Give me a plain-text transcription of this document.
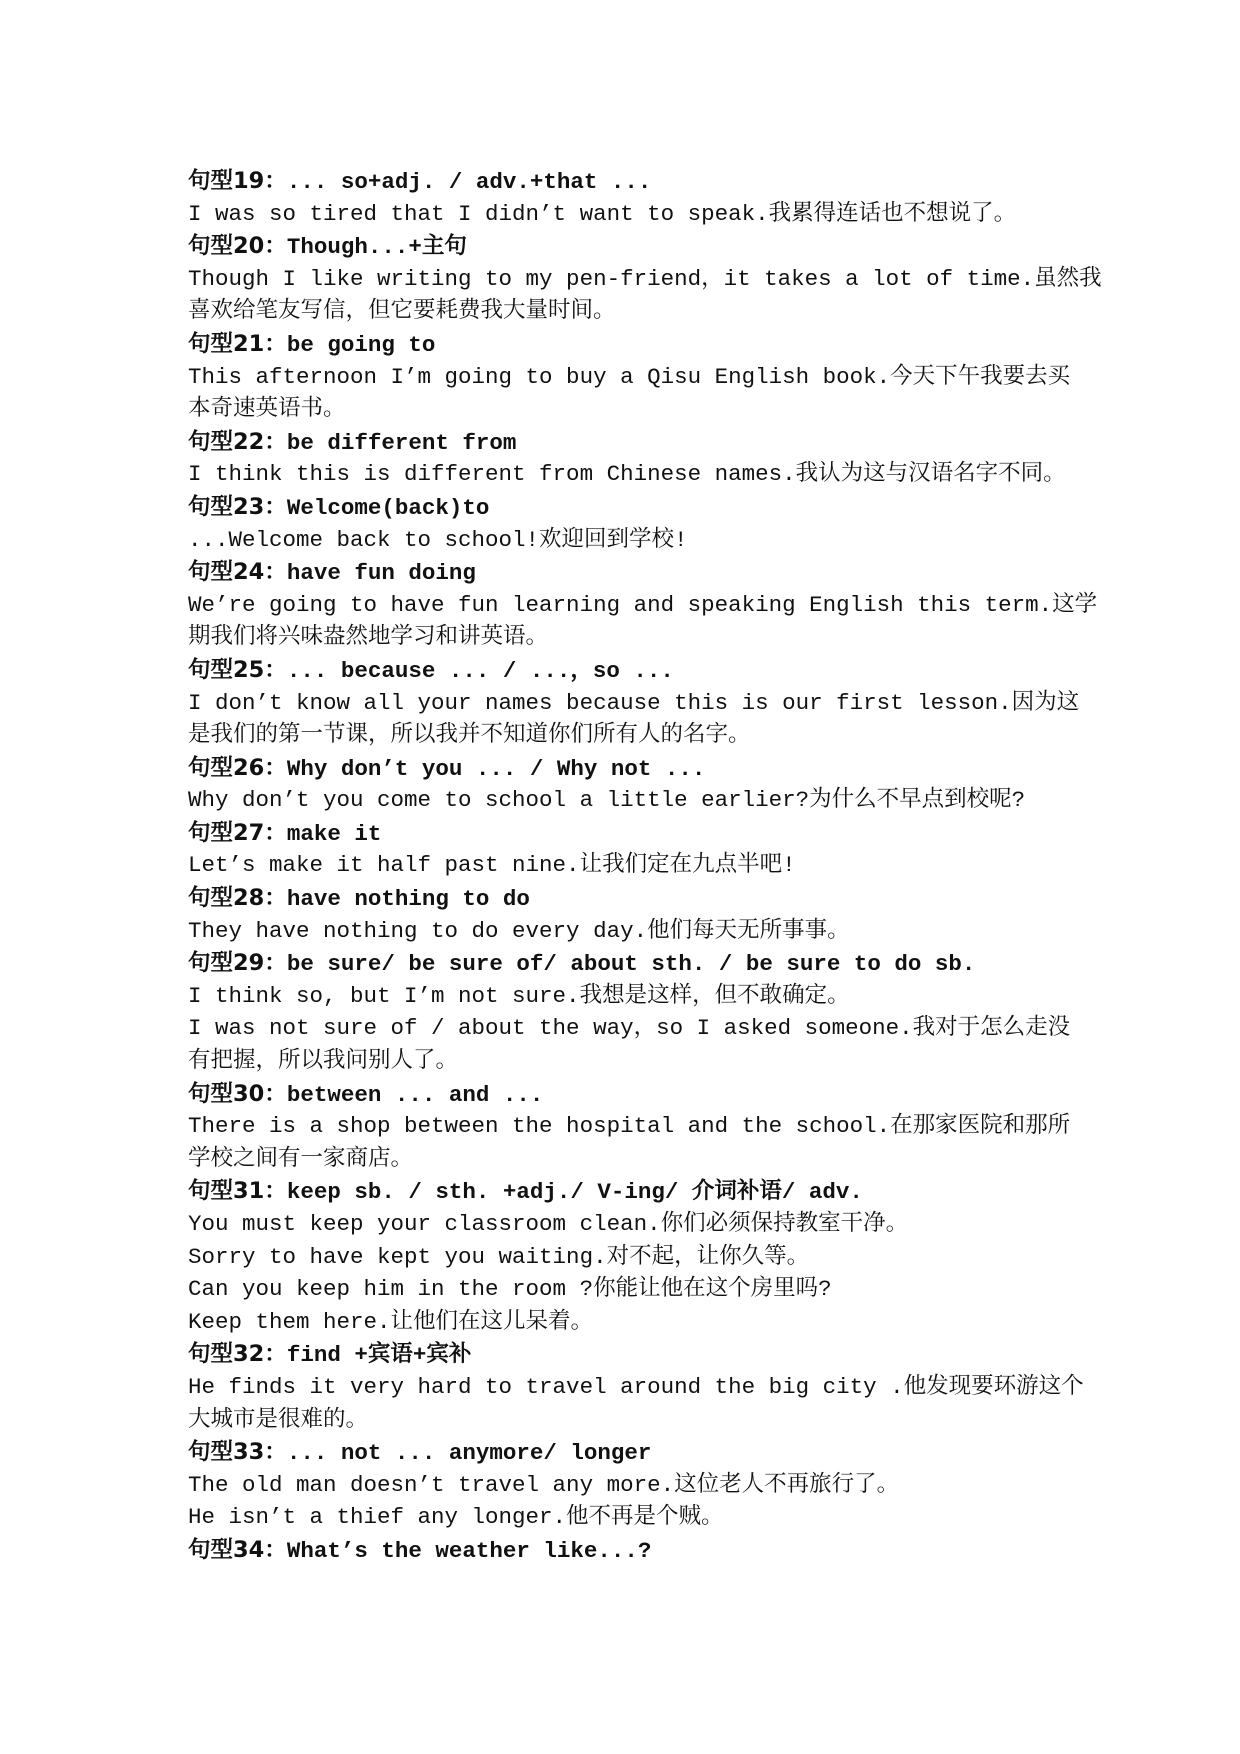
句型19：... so+adj. / adv.+that ...
I was so tired that I didn’t want to speak.我累得连话也不想说了。
句型20：Though...+主句
Though I like writing to my pen-friend，it takes a lot of time.虽然我
喜欢给笔友写信，但它要耗费我大量时间。
句型21：be going to
This afternoon I’m going to buy a Qisu English book.今天下午我要去买
本奇速英语书。
句型22：be different from
I think this is different from Chinese names.我认为这与汉语名字不同。
句型23：Welcome(back)to
...Welcome back to school!欢迎回到学校!
句型24：have fun doing
We’re going to have fun learning and speaking English this term.这学
期我们将兴味盎然地学习和讲英语。
句型25：... because ... / ...，so ...
I don’t know all your names because this is our first lesson.因为这
是我们的第一节课，所以我并不知道你们所有人的名字。
句型26：Why don’t you ... / Why not ...
Why don’t you come to school a little earlier?为什么不早点到校呢?
句型27：make it
Let’s make it half past nine.让我们定在九点半吧!
句型28：have nothing to do
They have nothing to do every day.他们每天无所事事。
句型29：be sure/ be sure of/ about sth. / be sure to do sb.
I think so, but I’m not sure.我想是这样，但不敢确定。
I was not sure of / about the way，so I asked someone.我对于怎么走没
有把握，所以我问别人了。
句型30：between ... and ...
There is a shop between the hospital and the school.在那家医院和那所
学校之间有一家商店。
句型31：keep sb. / sth. +adj./ V-ing/ 介词补语/ adv.
You must keep your classroom clean.你们必须保持教室干净。
Sorry to have kept you waiting.对不起，让你久等。
Can you keep him in the room ?你能让他在这个房里吗?
Keep them here.让他们在这儿呆着。
句型32：find +宾语+宾补
He finds it very hard to travel around the big city .他发现要环游这个
大城市是很难的。
句型33：... not ... anymore/ longer
The old man doesn’t travel any more.这位老人不再旅行了。
He isn’t a thief any longer.他不再是个贼。
句型34：What’s the weather like...?
